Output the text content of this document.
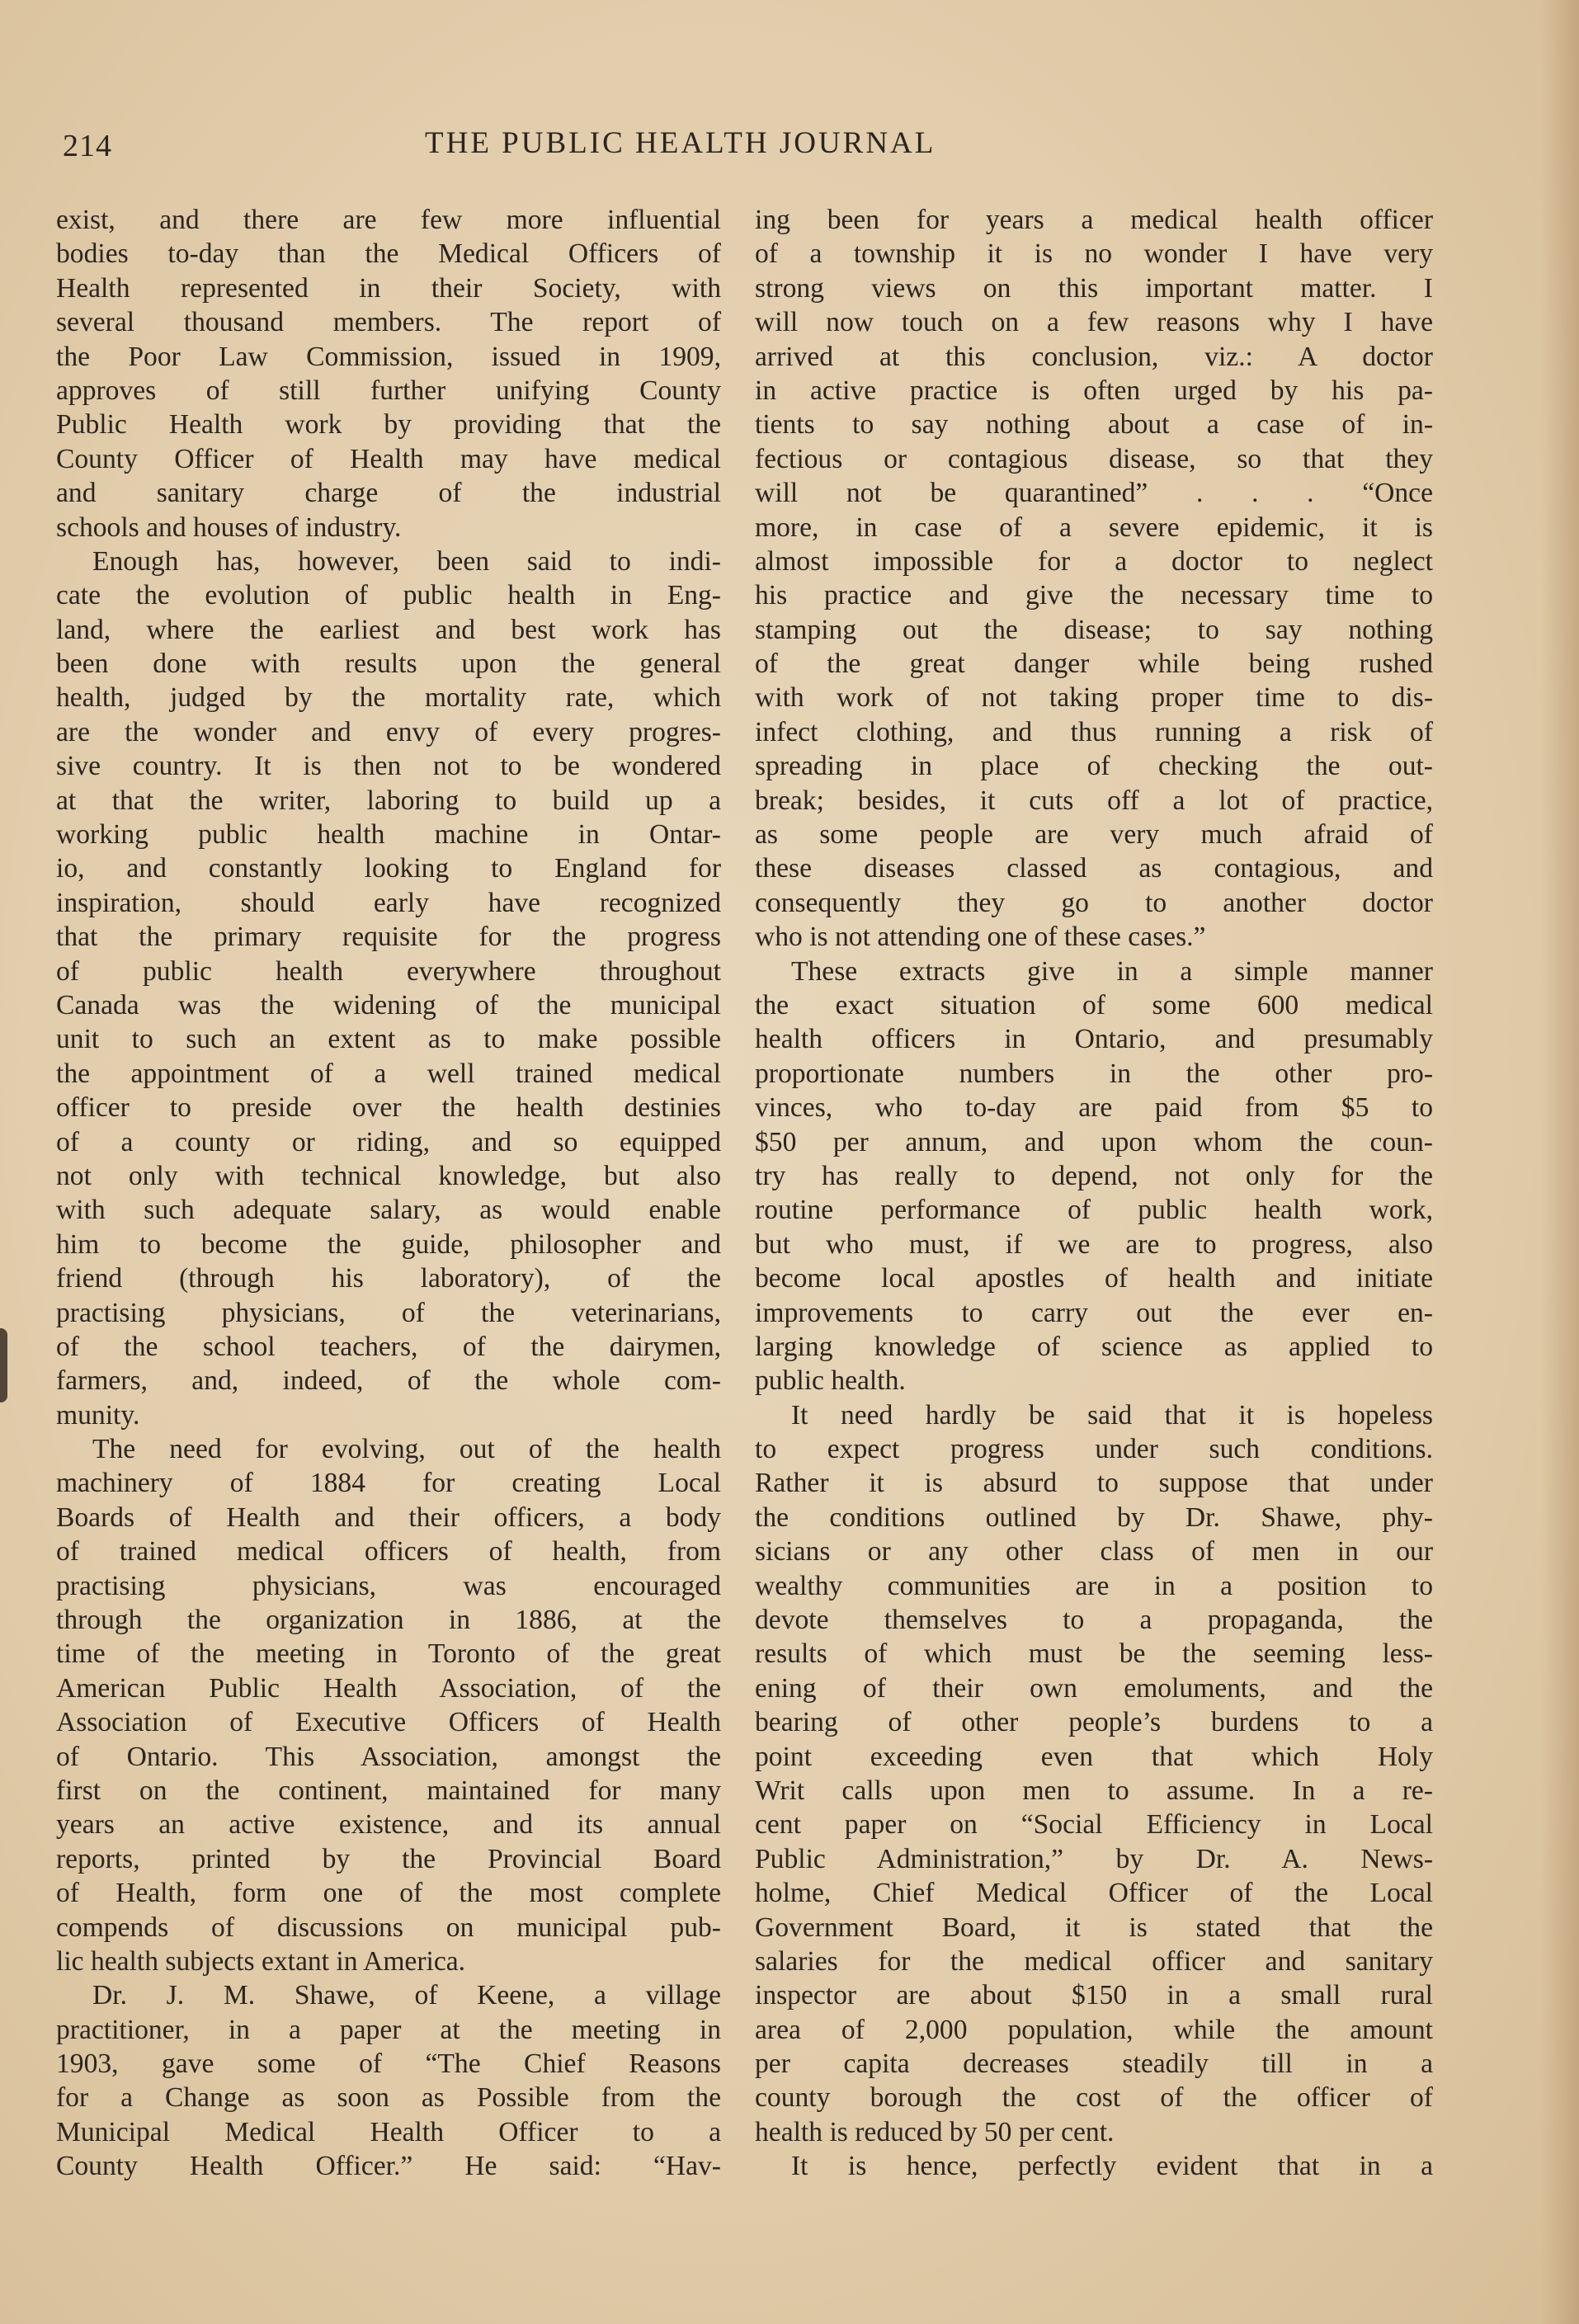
214	THE PUBLIC HEALTH JOURNAL
exist, and there are few more influential
bodies to-day than the Medical Officers of
Health represented in their Society, with
several thousand members. The report of
the Poor Law Commission, issued in 1909,
approves of still further unifying County
Public Health work by providing that the
County Officer of Health may have medical
and sanitary charge of the industrial
schools and houses of industry.
Enough has, however, been said to indi-
cate the evolution of public health in Eng-
land, where the earliest and best work has
been done with results upon the general
health, judged by the mortality rate, which
are the wonder and envy of every progres-
sive country. It is then not to be wondered
at that the writer, laboring to build up a
working public health machine in Ontar-
io, and constantly looking to England for
inspiration, should early have recognized
that the primary requisite for the progress
of public health everywhere throughout
Canada was the widening of the municipal
unit to such an extent as to make possible
the appointment of a well trained medical
officer to preside over the health destinies
of a county or riding, and so equipped
not only with technical knowledge, but also
with such adequate salary, as would enable
him to become the guide, philosopher and
friend (through his laboratory), of the
practising physicians, of the veterinarians,
of the school teachers, of the dairymen,
farmers, and, indeed, of the whole com-
munity.
The need for evolving, out of the health
machinery of 1884 for creating Local
Boards of Health and their officers, a body
of trained medical officers of health, from
practising physicians, was encouraged
through the organization in 1886, at the
time of the meeting in Toronto of the great
American Public Health Association, of the
Association of Executive Officers of Health
of Ontario. This Association, amongst the
first on the continent, maintained for many
years an active existence, and its annual
reports, printed by the Provincial Board
of Health, form one of the most complete
compends of discussions on municipal pub-
lic health subjects extant in America.
Dr. J. M. Shawe, of Keene, a village
practitioner, in a paper at the meeting in
1903, gave some of “The Chief Reasons
for a Change as soon as Possible from the
Municipal Medical Health Officer to a
County Health Officer.” He said: “Hav-
ing been for years a medical health officer
of a township it is no wonder I have very
strong views on this important matter. I
will now touch on a few reasons why I have
arrived at this conclusion, viz.: A doctor
in active practice is often urged by his pa-
tients to say nothing about a case of in-
fectious or contagious disease, so that they
will not be quarantined” . . . “Once
more, in case of a severe epidemic, it is
almost impossible for a doctor to neglect
his practice and give the necessary time to
stamping out the disease; to say nothing
of the great danger while being rushed
with work of not taking proper time to dis-
infect clothing, and thus running a risk of
spreading in place of checking the out-
break; besides, it cuts off a lot of practice,
as some people are very much afraid of
these diseases classed as contagious, and
consequently they go to another doctor
who is not attending one of these cases.”
These extracts give in a simple manner
the exact situation of some 600 medical
health officers in Ontario, and presumably
proportionate numbers in the other pro-
vinces, who to-day are paid from $5 to
$50 per annum, and upon whom the coun-
try has really to depend, not only for the
routine performance of public health work,
but who must, if we are to progress, also
become local apostles of health and initiate
improvements to carry out the ever en-
larging knowledge of science as applied to
public health.
It need hardly be said that it is hopeless
to expect progress under such conditions.
Rather it is absurd to suppose that under
the conditions outlined by Dr. Shawe, phy-
sicians or any other class of men in our
wealthy communities are in a position to
devote themselves to a propaganda, the
results of which must be the seeming less-
ening of their own emoluments, and the
bearing of other people’s burdens to a
point exceeding even that which Holy
Writ calls upon men to assume. In a re-
cent paper on “Social Efficiency in Local
Public Administration,” by Dr. A. News-
holme, Chief Medical Officer of the Local
Government Board, it is stated that the
salaries for the medical officer and sanitary
inspector are about $150 in a small rural
area of 2,000 population, while the amount
per capita decreases steadily till in a
county borough the cost of the officer of
health is reduced by 50 per cent.
It is hence, perfectly evident that in a
